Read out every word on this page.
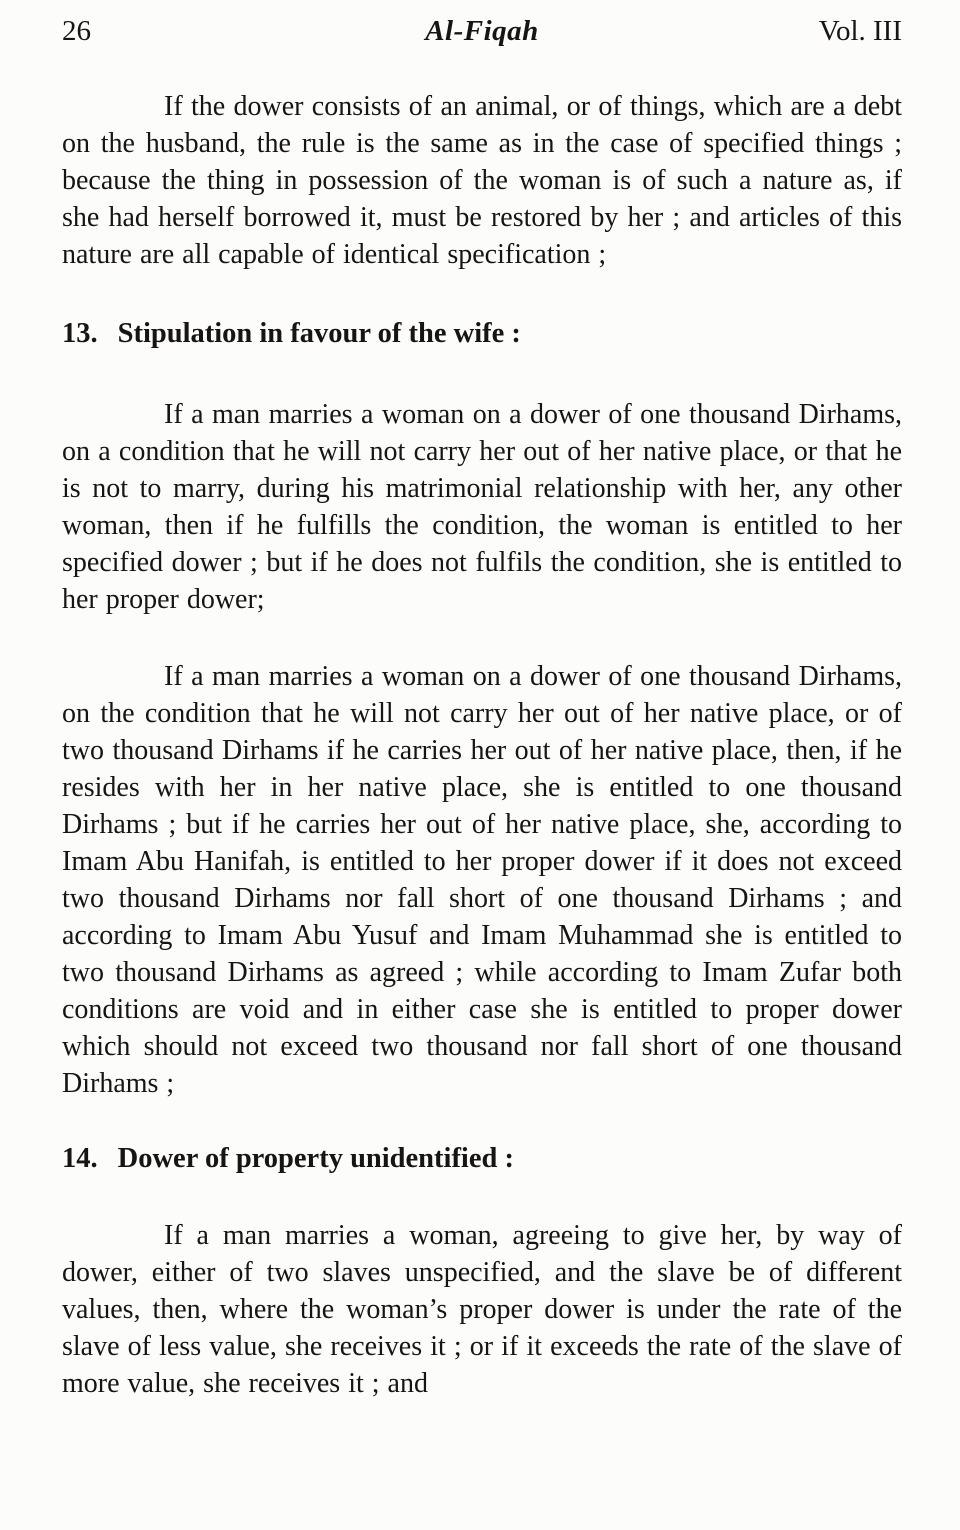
26	Al-Fiqah	Vol. III

If the dower consists of an animal, or of things, which are a debt on the husband, the rule is the same as in the case of specified things ; because the thing in possession of the woman is of such a nature as, if she had herself borrowed it, must be restored by her ; and articles of this nature are all capable of identical specification ;

13. Stipulation in favour of the wife :

If a man marries a woman on a dower of one thousand Dirhams, on a condition that he will not carry her out of her native place, or that he is not to marry, during his matrimonial relationship with her, any other woman, then if he fulfills the condition, the woman is entitled to her specified dower ; but if he does not fulfils the condition, she is entitled to her proper dower;

If a man marries a woman on a dower of one thousand Dirhams, on the condition that he will not carry her out of her native place, or of two thousand Dirhams if he carries her out of her native place, then, if he resides with her in her native place, she is entitled to one thousand Dirhams ; but if he carries her out of her native place, she, according to Imam Abu Hanifah, is entitled to her proper dower if it does not exceed two thousand Dirhams nor fall short of one thousand Dirhams ; and according to Imam Abu Yusuf and Imam Muhammad she is entitled to two thousand Dirhams as agreed ; while according to Imam Zufar both conditions are void and in either case she is entitled to proper dower which should not exceed two thousand nor fall short of one thousand Dirhams ;

14. Dower of property unidentified :

If a man marries a woman, agreeing to give her, by way of dower, either of two slaves unspecified, and the slave be of different values, then, where the woman’s proper dower is under the rate of the slave of less value, she receives it ; or if it exceeds the rate of the slave of more value, she receives it ; and
